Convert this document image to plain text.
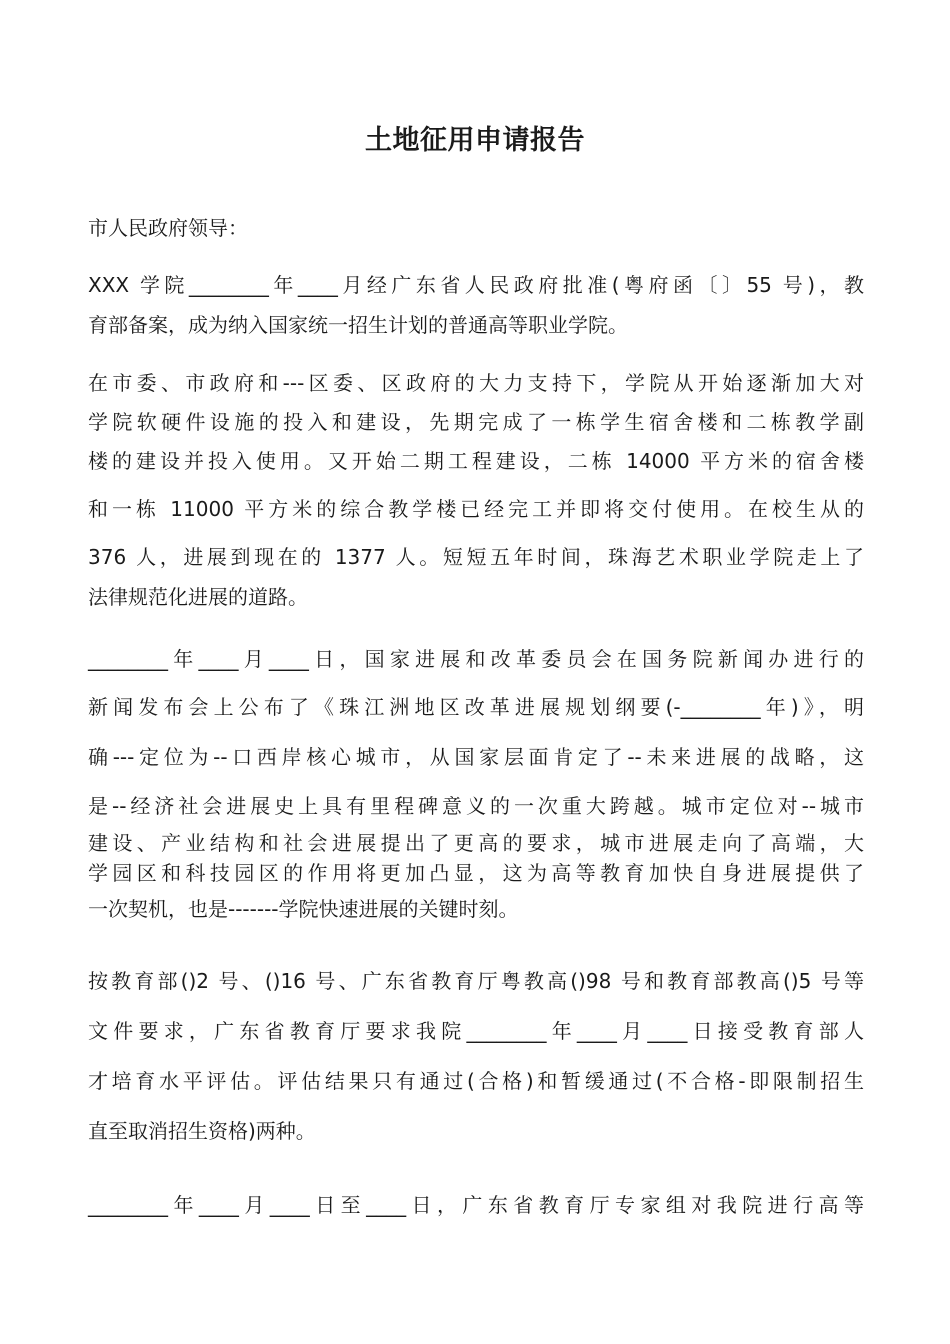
土地征用申请报告
市人民政府领导：
XXX 学院________年____月经广东省人民政府批准(粤府函〔〕55 号)，教
育部备案，成为纳入国家统一招生计划的普通高等职业学院。
在市委、市政府和---区委、区政府的大力支持下，学院从开始逐渐加大对
学院软硬件设施的投入和建设，先期完成了一栋学生宿舍楼和二栋教学副
楼的建设并投入使用。又开始二期工程建设，二栋 14000 平方米的宿舍楼
和一栋 11000 平方米的综合教学楼已经完工并即将交付使用。在校生从的
376 人，进展到现在的 1377 人。短短五年时间，珠海艺术职业学院走上了
法律规范化进展的道路。
________年____月____日，国家进展和改革委员会在国务院新闻办进行的
新闻发布会上公布了《珠江洲地区改革进展规划纲要(-________年)》，明
确---定位为--口西岸核心城市，从国家层面肯定了--未来进展的战略，这
是--经济社会进展史上具有里程碑意义的一次重大跨越。城市定位对--城市
建设、产业结构和社会进展提出了更高的要求，城市进展走向了高端，大
学园区和科技园区的作用将更加凸显，这为高等教育加快自身进展提供了
一次契机，也是-------学院快速进展的关键时刻。
按教育部()2 号、()16 号、广东省教育厅粤教高()98 号和教育部教高()5 号等
文件要求，广东省教育厅要求我院________年____月____日接受教育部人
才培育水平评估。评估结果只有通过(合格)和暂缓通过(不合格-即限制招生
直至取消招生资格)两种。
________年____月____日至____日，广东省教育厅专家组对我院进行高等
